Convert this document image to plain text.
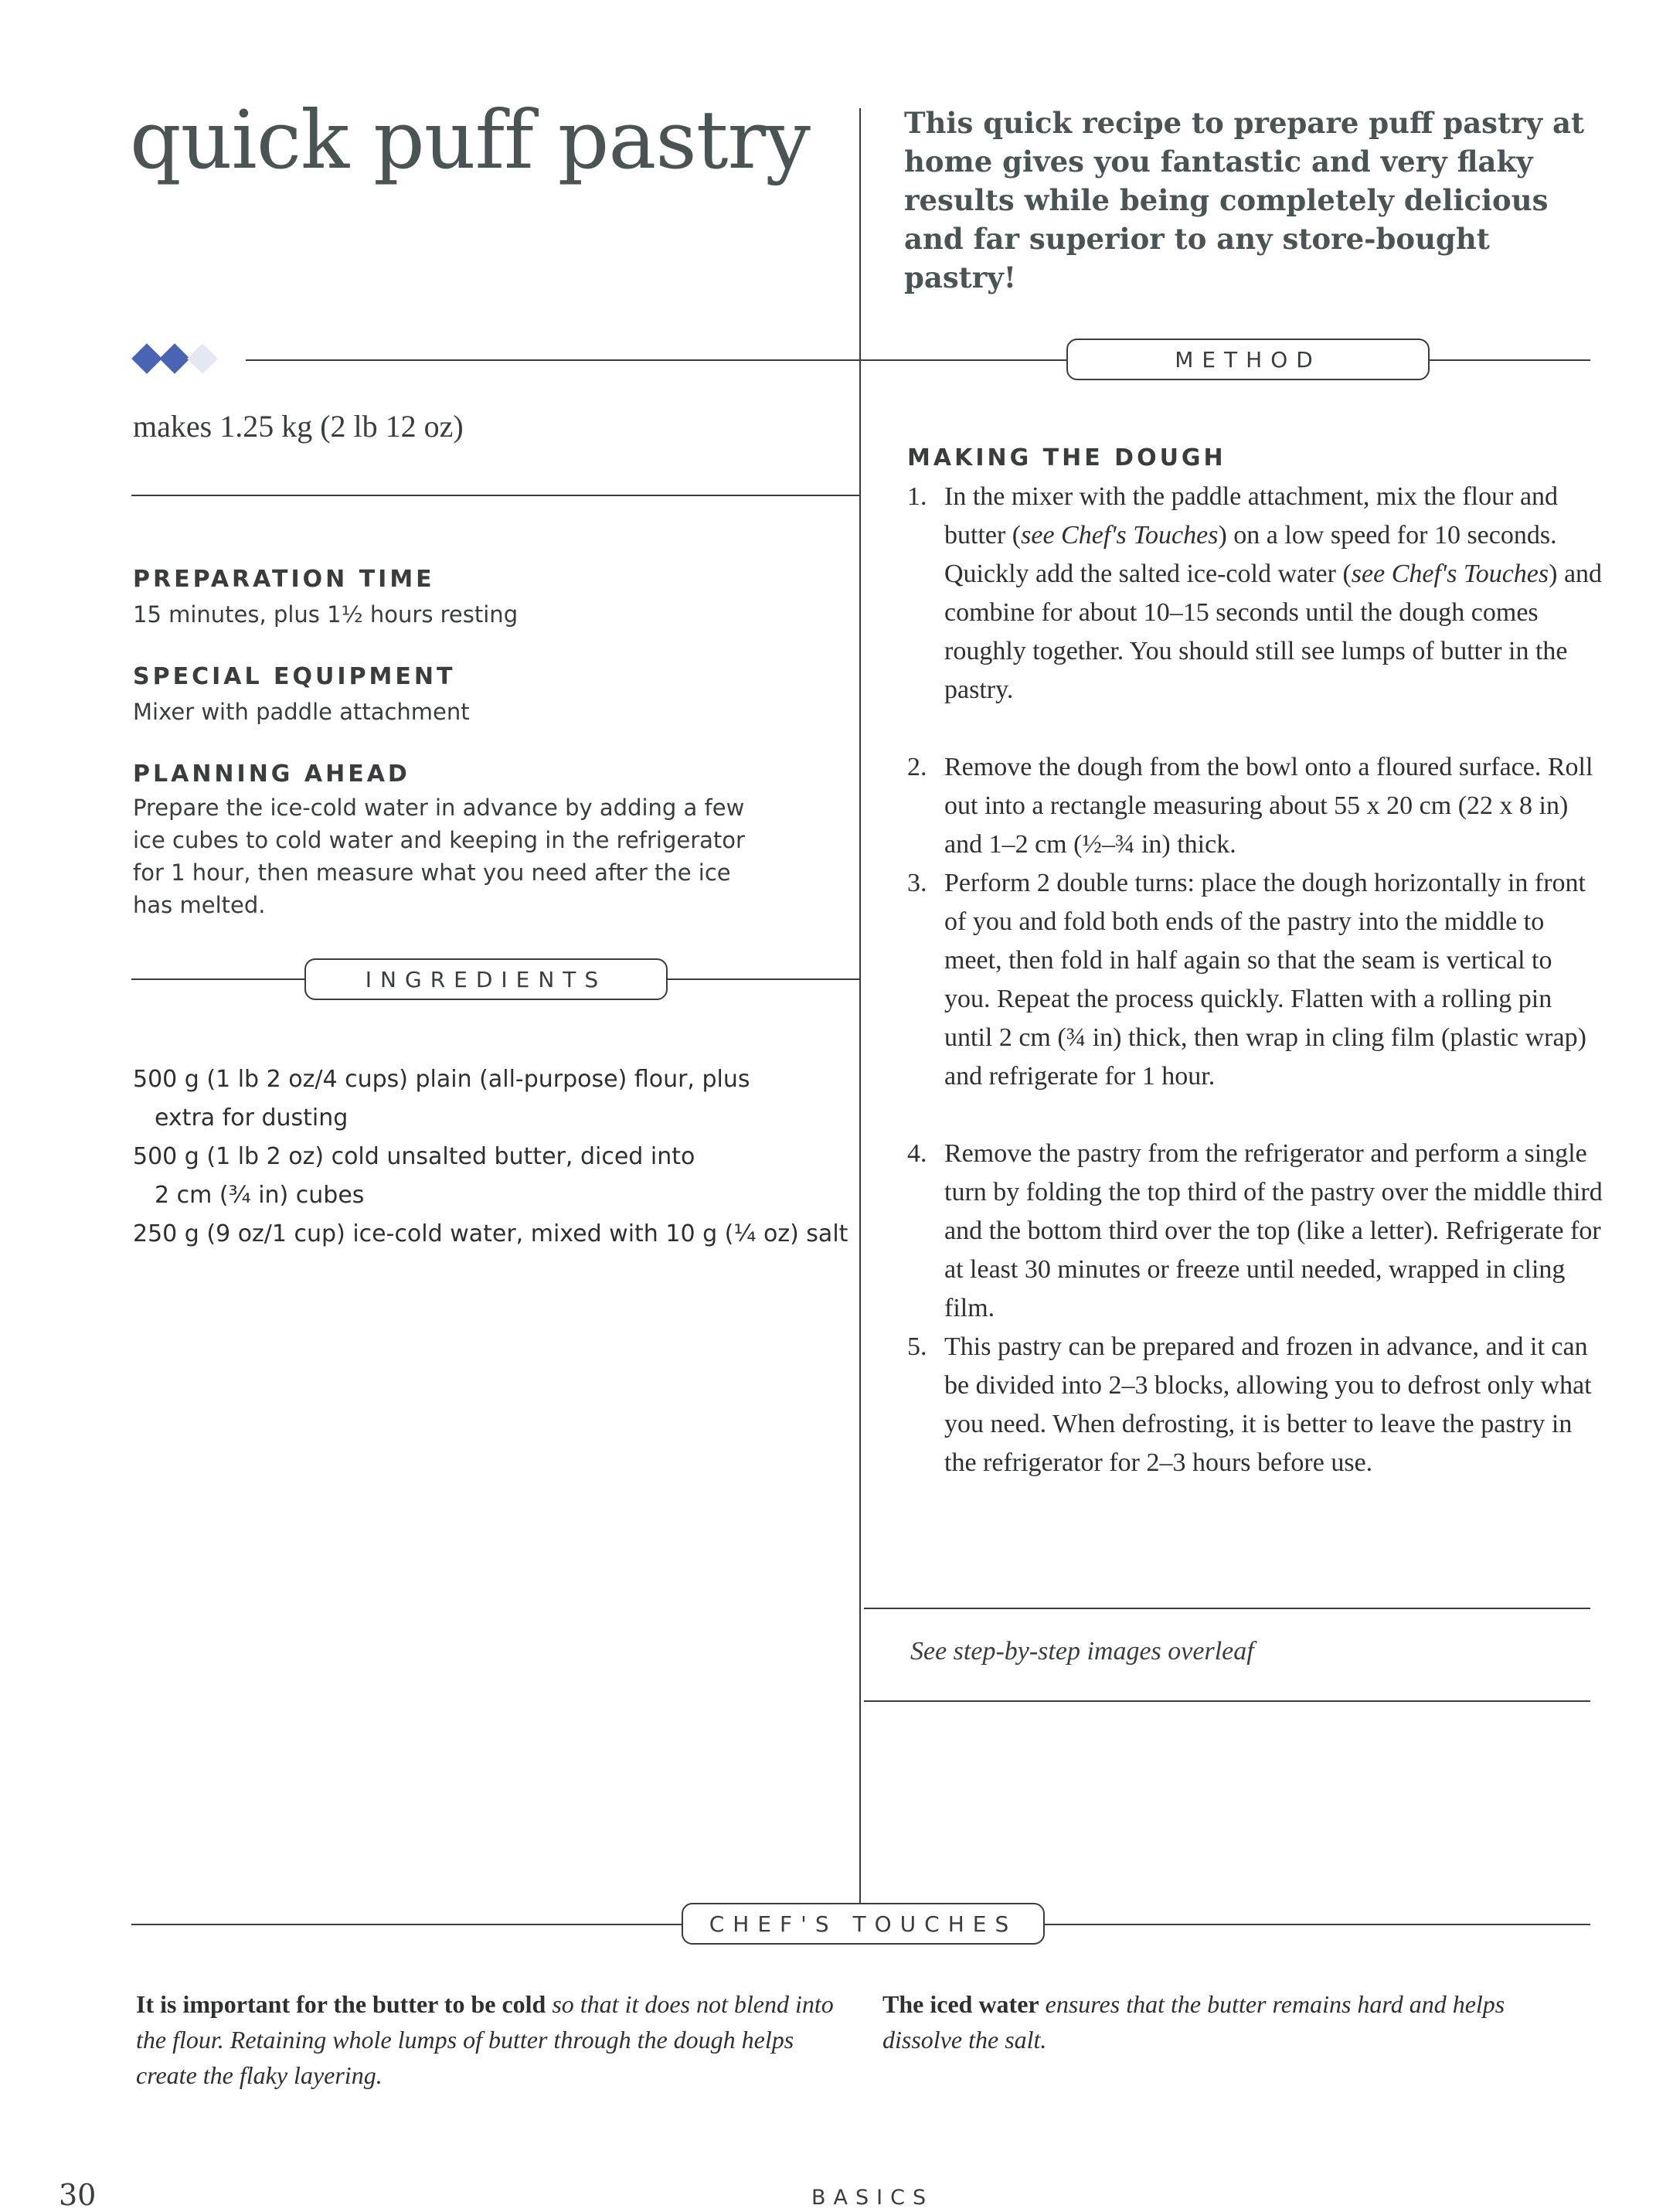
quick puff pastry	This quick recipe to prepare puff pastry at home gives you fantastic and very flaky results while being completely delicious and far superior to any store-bought pastry!
METHOD
INGREDIENTS
CHEF'S TOUCHES
makes 1.25 kg (2 lb 12 oz)
PREPARATION TIME
15 minutes, plus 1½ hours resting
SPECIAL EQUIPMENT
Mixer with paddle attachment
PLANNING AHEAD
Prepare the ice-cold water in advance by adding a few ice cubes to cold water and keeping in the refrigerator for 1 hour, then measure what you need after the ice has melted.
500 g (1 lb 2 oz/4 cups) plain (all-purpose) flour, plus
extra for dusting
500 g (1 lb 2 oz) cold unsalted butter, diced into
2 cm (¾ in) cubes
250 g (9 oz/1 cup) ice-cold water, mixed with 10 g (¼ oz) salt
MAKING THE DOUGH
1. In the mixer with the paddle attachment, mix the flour and butter (see Chef's Touches) on a low speed for 10 seconds. Quickly add the salted ice-cold water (see Chef's Touches) and combine for about 10–15 seconds until the dough comes roughly together. You should still see lumps of butter in the pastry.
2. Remove the dough from the bowl onto a floured surface. Roll out into a rectangle measuring about 55 x 20 cm (22 x 8 in) and 1–2 cm (½–¾ in) thick.
3. Perform 2 double turns: place the dough horizontally in front of you and fold both ends of the pastry into the middle to meet, then fold in half again so that the seam is vertical to you. Repeat the process quickly. Flatten with a rolling pin until 2 cm (¾ in) thick, then wrap in cling film (plastic wrap) and refrigerate for 1 hour.
4. Remove the pastry from the refrigerator and perform a single turn by folding the top third of the pastry over the middle third and the bottom third over the top (like a letter). Refrigerate for at least 30 minutes or freeze until needed, wrapped in cling film.
5. This pastry can be prepared and frozen in advance, and it can be divided into 2–3 blocks, allowing you to defrost only what you need. When defrosting, it is better to leave the pastry in the refrigerator for 2–3 hours before use.
See step-by-step images overleaf
It is important for the butter to be cold so that it does not blend into the flour. Retaining whole lumps of butter through the dough helps create the flaky layering.
The iced water ensures that the butter remains hard and helps dissolve the salt.
30	BASICS
